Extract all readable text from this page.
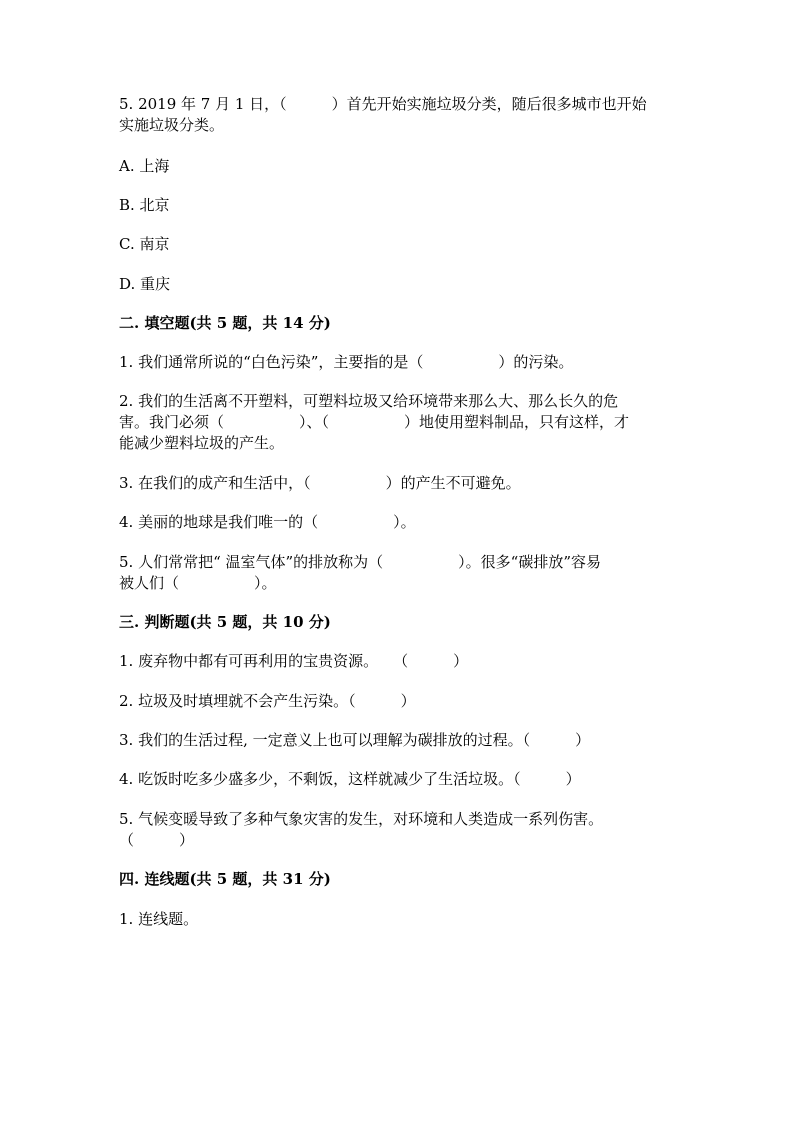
5. 2019 年 7 月 1 日，（　　　）首先开始实施垃圾分类，随后很多城市也开始
实施垃圾分类。
A. 上海
B. 北京
C. 南京
D. 重庆
二. 填空题(共 5 题，共 14 分)
1. 我们通常所说的“白色污染”，主要指的是（　　　　　）的污染。
2. 我们的生活离不开塑料，可塑料垃圾又给环境带来那么大、那么长久的危
害。我门必须（　　　　　）、（　　　　　）地使用塑料制品，只有这样，才
能减少塑料垃圾的产生。
3. 在我们的成产和生活中，（　　　　　）的产生不可避免。
4. 美丽的地球是我们唯一的（　　　　　）。
5. 人们常常把“ 温室气体”的排放称为（　　　　　）。很多“碳排放”容易
被人们（　　　　　）。
三. 判断题(共 5 题，共 10 分)
1. 废弃物中都有可再利用的宝贵资源。　　（　　　）
2. 垃圾及时填埋就不会产生污染。（　　　）
3. 我们的生活过程, 一定意义上也可以理解为碳排放的过程。（　　　）
4. 吃饭时吃多少盛多少，不剩饭，这样就减少了生活垃圾。（　　　）
5. 气候变暖导致了多种气象灾害的发生，对环境和人类造成一系列伤害。
（　　　）
四. 连线题(共 5 题，共 31 分)
1. 连线题。
